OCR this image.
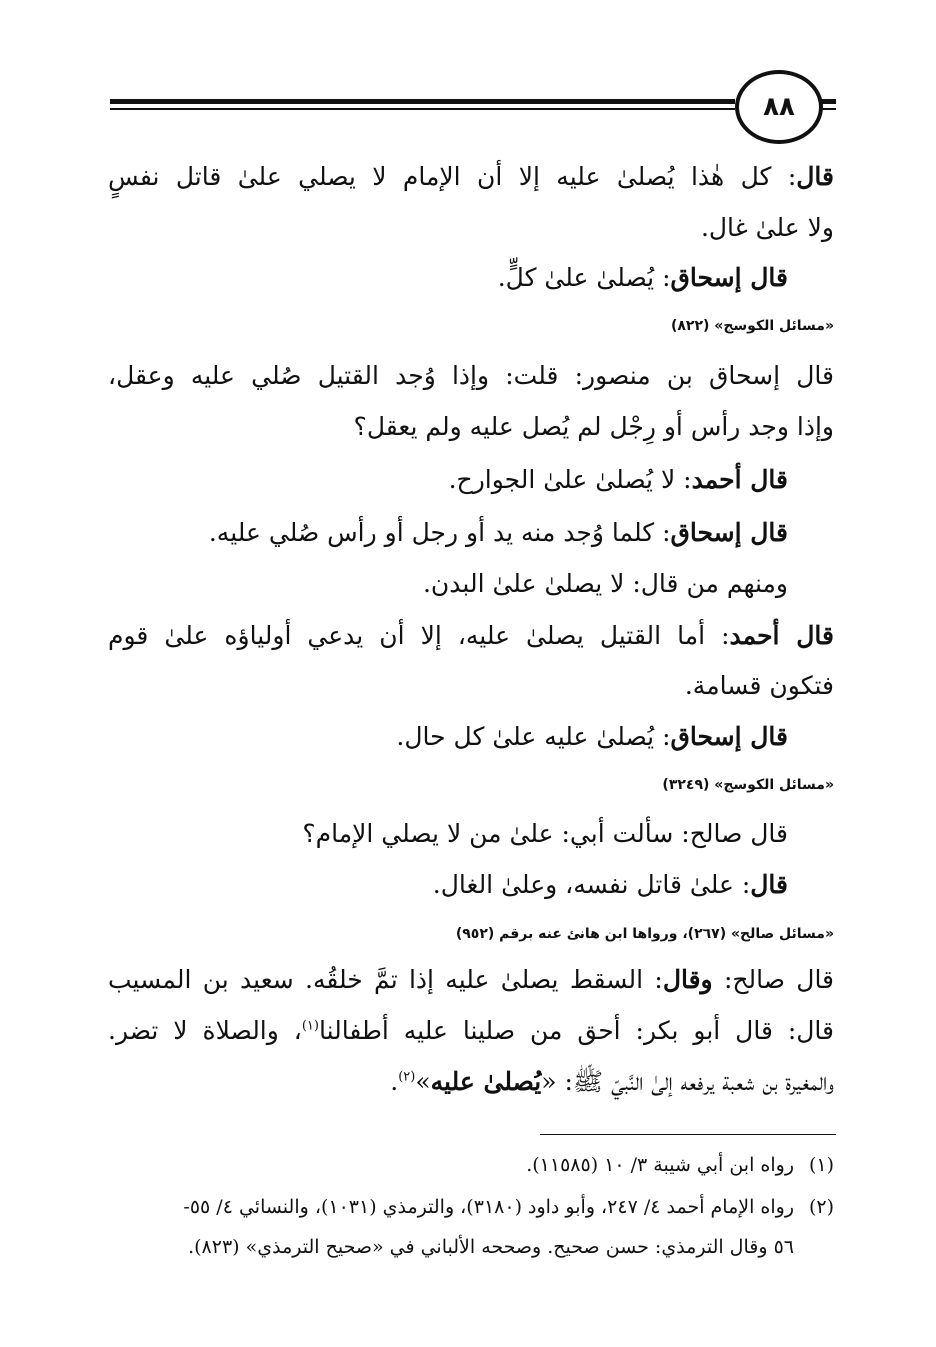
٨٨
قال: كل هٰذا يُصلىٰ عليه إلا أن الإمام لا يصلي علىٰ قاتل نفسٍ
ولا علىٰ غال.
قال إسحاق: يُصلىٰ علىٰ كلٍّ.
«مسائل الكوسج» (٨٢٢)
قال إسحاق بن منصور: قلت: وإذا وُجد القتيل صُلي عليه وعقل،
وإذا وجد رأس أو رِجْل لم يُصل عليه ولم يعقل؟
قال أحمد: لا يُصلىٰ علىٰ الجوارح.
قال إسحاق: كلما وُجد منه يد أو رجل أو رأس صُلي عليه.
ومنهم من قال: لا يصلىٰ علىٰ البدن.
قال أحمد: أما القتيل يصلىٰ عليه، إلا أن يدعي أولياؤه علىٰ قوم
فتكون قسامة.
قال إسحاق: يُصلىٰ عليه علىٰ كل حال.
«مسائل الكوسج» (٣٢٤٩)
قال صالح: سألت أبي: علىٰ من لا يصلي الإمام؟
قال: علىٰ قاتل نفسه، وعلىٰ الغال.
«مسائل صالح» (٢٦٧)، ورواها ابن هانئ عنه برقم (٩٥٢)
قال صالح: وقال: السقط يصلىٰ عليه إذا تمَّ خلقُه. سعيد بن المسيب
قال: قال أبو بكر: أحق من صلينا عليه أطفالنا$^{(١)}$، والصلاة لا تضر.
والمغيرة بن شعبة يرفعه إلىٰ النَّبيّ ﷺ: «يُصلىٰ عليه»$^{(٢)}$.
(١)رواه ابن أبي شيبة ٣/ ١٠ (١١٥٨٥).
(٢)رواه الإمام أحمد ٤/ ٢٤٧، وأبو داود (٣١٨٠)، والترمذي (١٠٣١)، والنسائي ٤/ ٥٥-
٥٦ وقال الترمذي: حسن صحيح. وصححه الألباني في «صحيح الترمذي» (٨٢٣).
